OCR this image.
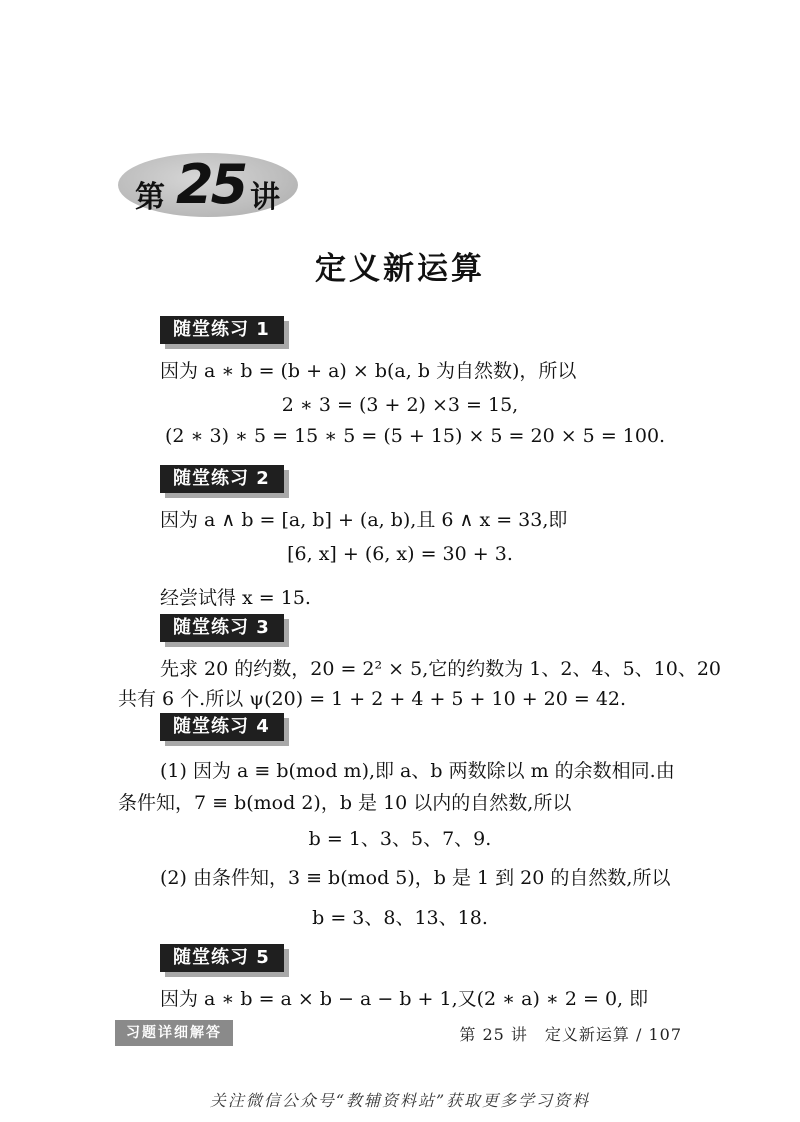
第 25 讲
定义新运算
随堂练习 1
因为 a ∗ b = (b + a) × b(a, b 为自然数)，所以
2 ∗ 3 = (3 + 2) ×3 = 15,
(2 ∗ 3) ∗ 5 = 15 ∗ 5 = (5 + 15) × 5 = 20 × 5 = 100.
随堂练习 2
因为 a ∧ b = [a, b] + (a, b),且 6 ∧ x = 33,即
[6, x] + (6, x) = 30 + 3.
经尝试得 x = 15.
随堂练习 3
先求 20 的约数，20 = 2² × 5,它的约数为 1、2、4、5、10、20
共有 6 个.所以 ψ(20) = 1 + 2 + 4 + 5 + 10 + 20 = 42.
随堂练习 4
(1) 因为 a ≡ b(mod m),即 a、b 两数除以 m 的余数相同.由
条件知，7 ≡ b(mod 2)，b 是 10 以内的自然数,所以
b = 1、3、5、7、9.
(2) 由条件知，3 ≡ b(mod 5)，b 是 1 到 20 的自然数,所以
b = 3、8、13、18.
随堂练习 5
因为 a ∗ b = a × b − a − b + 1,又(2 ∗ a) ∗ 2 = 0, 即
习题详细解答	第 25 讲　定义新运算 / 107
关注微信公众号“教辅资料站”获取更多学习资料
